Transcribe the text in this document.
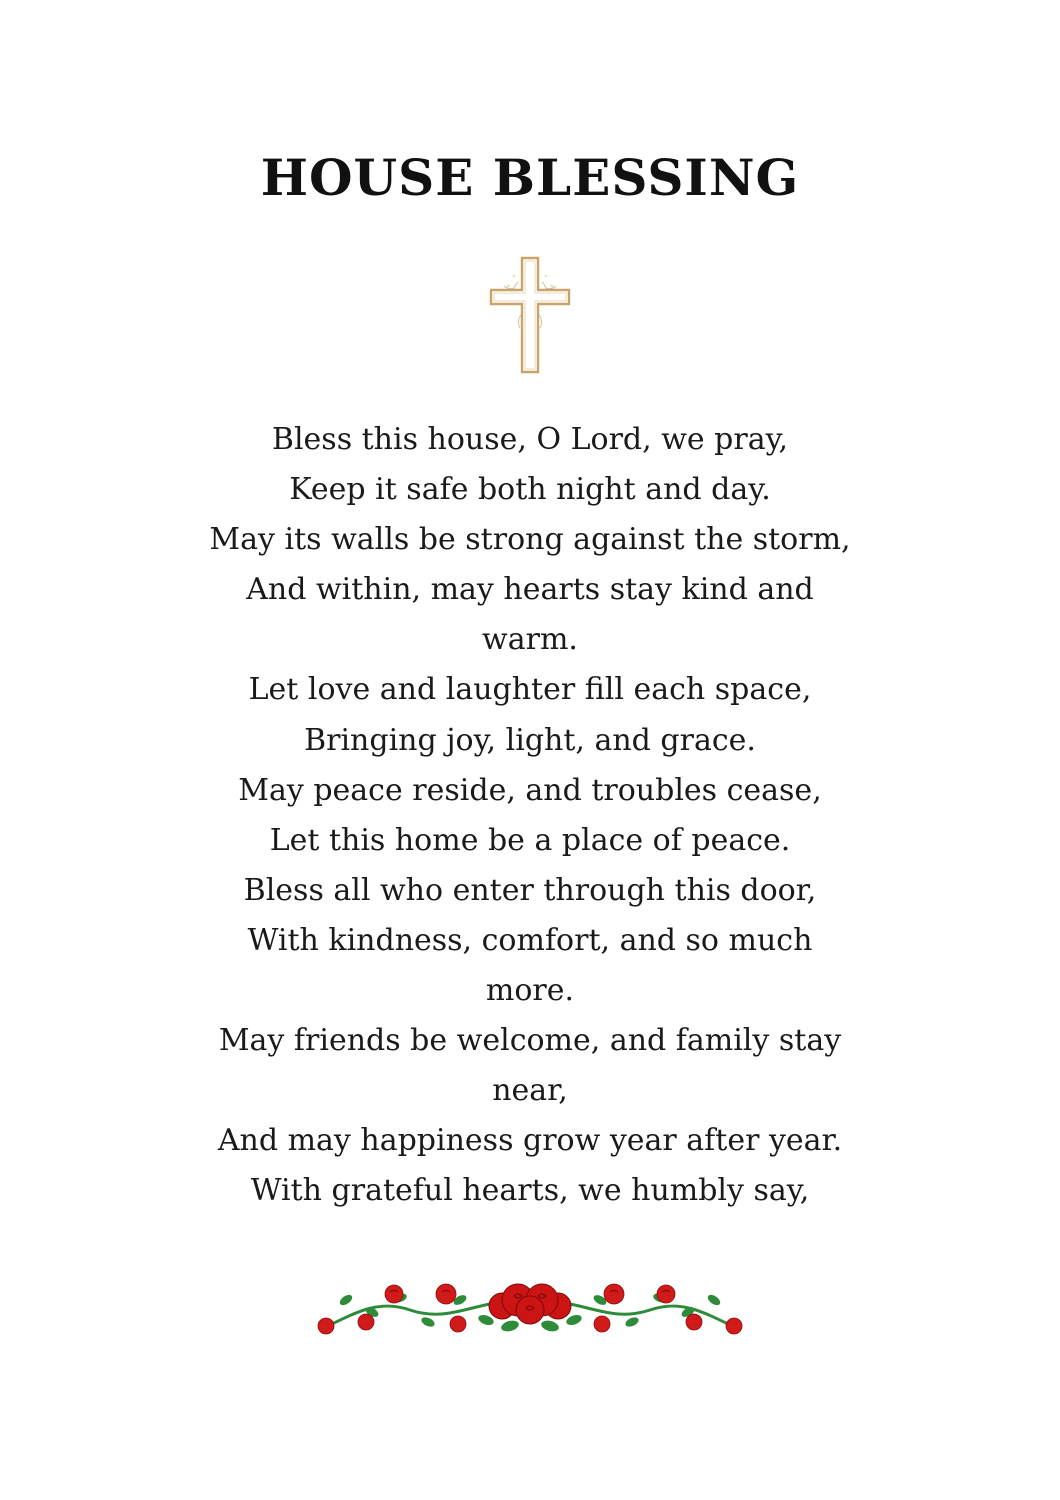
HOUSE BLESSING
Bless this house, O Lord, we pray,
Keep it safe both night and day.
May its walls be strong against the storm,
And within, may hearts stay kind and
warm.
Let love and laughter fill each space,
Bringing joy, light, and grace.
May peace reside, and troubles cease,
Let this home be a place of peace.
Bless all who enter through this door,
With kindness, comfort, and so much
more.
May friends be welcome, and family stay
near,
And may happiness grow year after year.
With grateful hearts, we humbly say,
